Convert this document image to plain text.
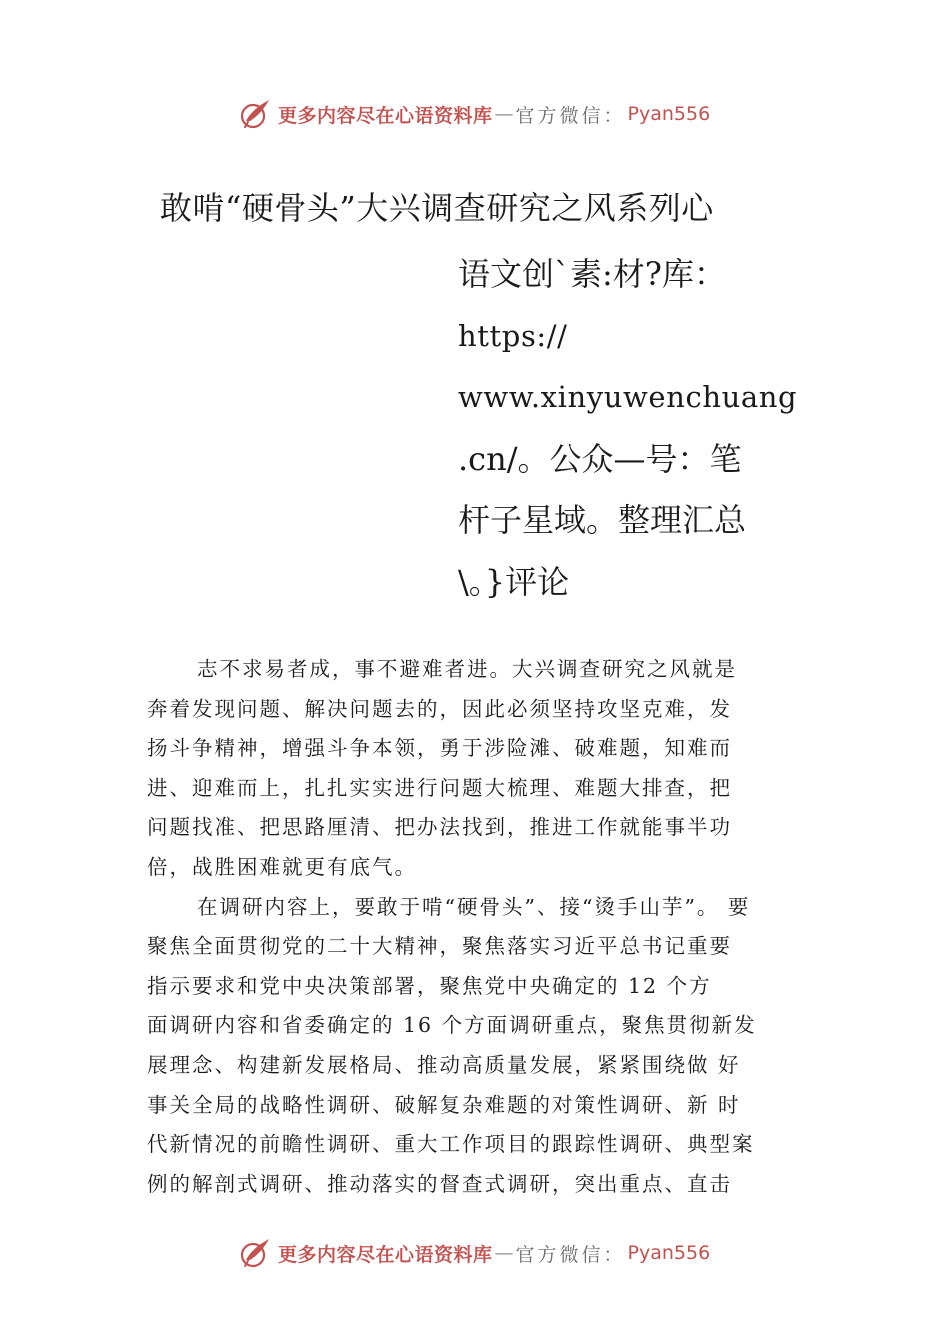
更多内容尽在心语资料库 — 官方微信： Pyan556
敢啃“硬骨头”大兴调查研究之风系列心
语文创`素:材?库：
https://
www.xinyuwenchuang
.cn/。公众—号：笔
杆子星域。整理汇总
\。}评论

志不求易者成，事不避难者进。大兴调查研究之风就是
奔着发现问题、解决问题去的，因此必须坚持攻坚克难，发
扬斗争精神，增强斗争本领，勇于涉险滩、破难题，知难而
进、迎难而上，扎扎实实进行问题大梳理、难题大排查，把
问题找准、把思路厘清、把办法找到，推进工作就能事半功
倍，战胜困难就更有底气。

在调研内容上，要敢于啃“硬骨头”、接“烫手山芋”。 要
聚焦全面贯彻党的二十大精神，聚焦落实习近平总书记重要
指示要求和党中央决策部署，聚焦党中央确定的 12 个方
面调研内容和省委确定的 16 个方面调研重点，聚焦贯彻新发
展理念、构建新发展格局、推动高质量发展，紧紧围绕做 好
事关全局的战略性调研、破解复杂难题的对策性调研、新 时
代新情况的前瞻性调研、重大工作项目的跟踪性调研、典型案
例的解剖式调研、推动落实的督查式调研，突出重点、直击

更多内容尽在心语资料库 — 官方微信： Pyan556
